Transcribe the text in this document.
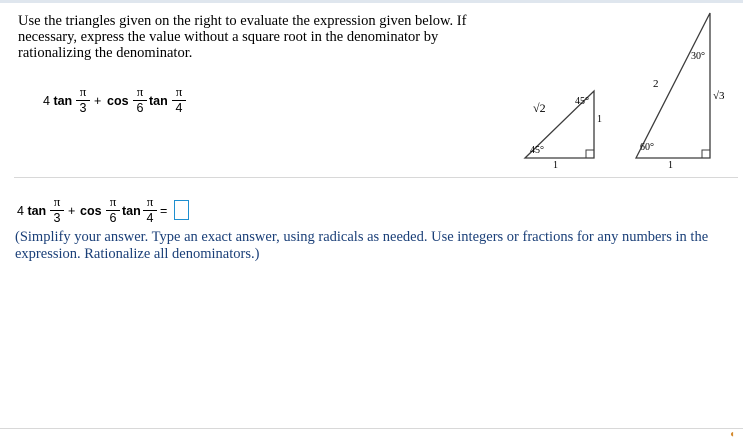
Use the triangles given on the right to evaluate the expression given below. If necessary, express the value without a square root in the denominator by rationalizing the denominator.
4 tan
π
3 + cos
π
6 tan
π
4	√2
1
1
45°
45°
2
√3
1
30°
60°
4 tan
π
3 + cos
π
6 tan
π
4 =
(Simplify your answer. Type an exact answer, using radicals as needed. Use integers or fractions for any numbers in the expression. Rationalize all denominators.)
◖
